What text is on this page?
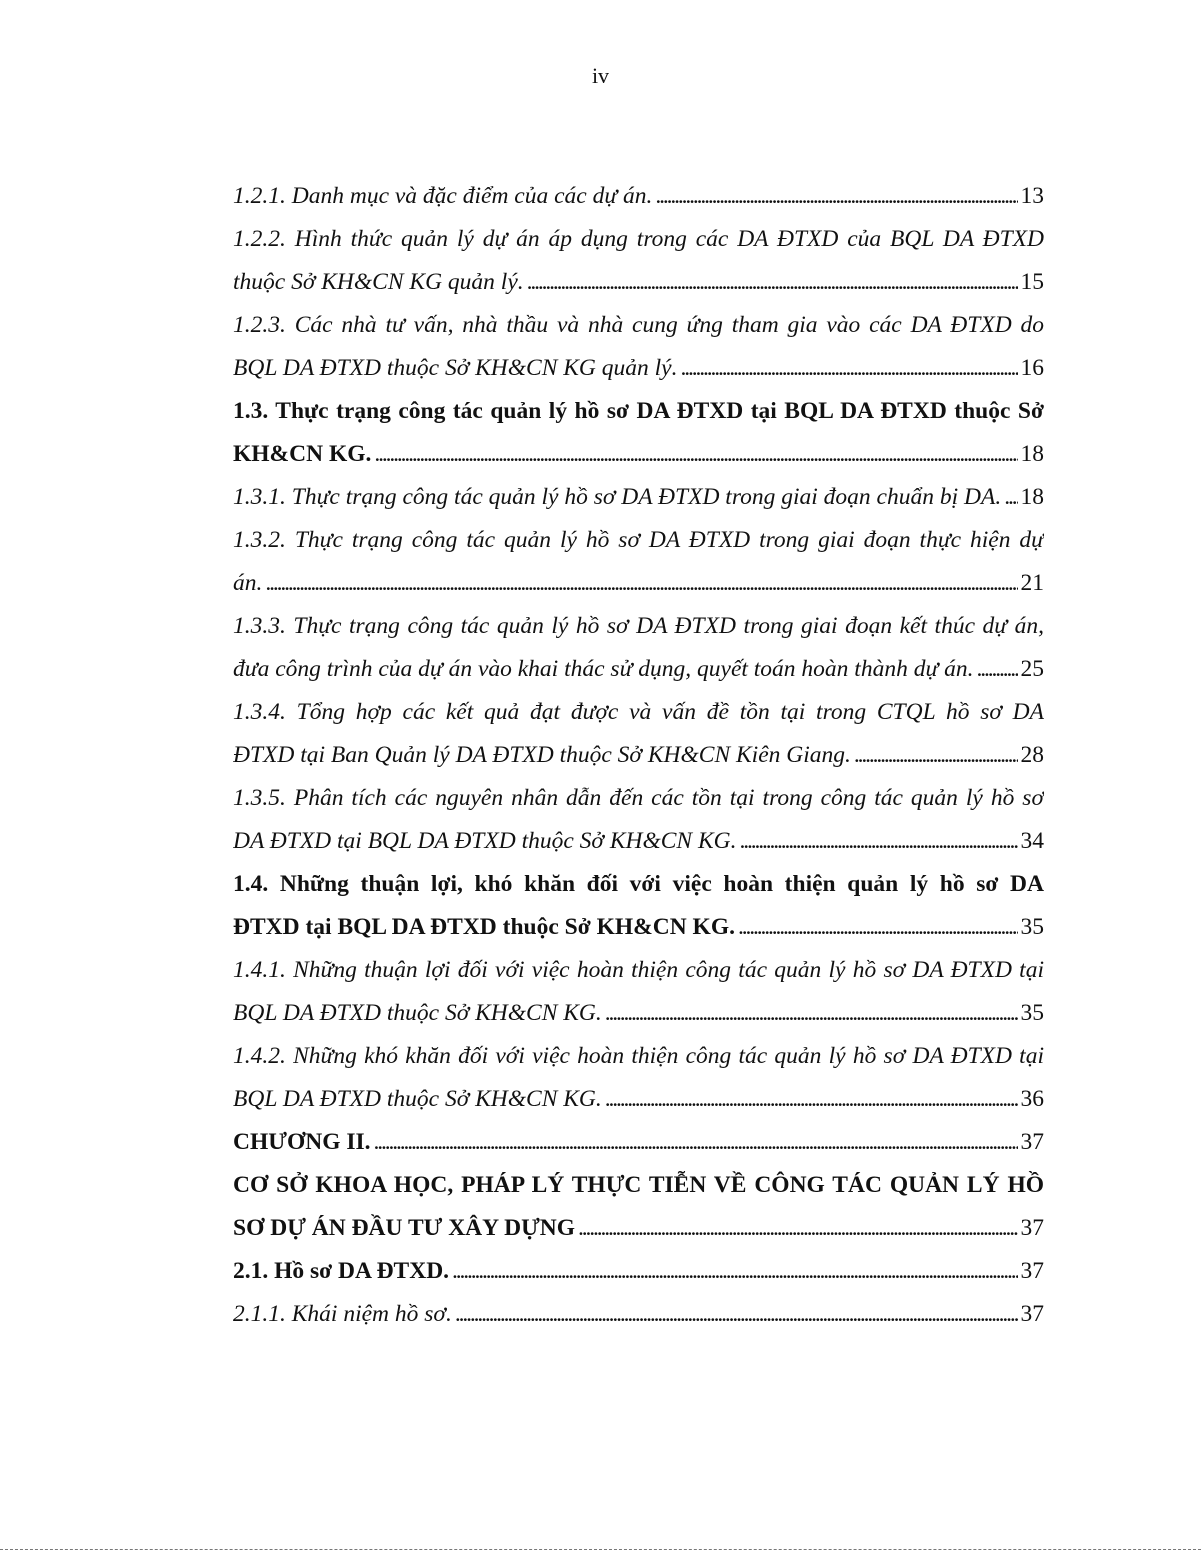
iv
1.2.1. Danh mục và đặc điểm của các dự án. . . .	13
1.2.2. Hình thức quản lý dự án áp dụng trong các DA ĐTXD của BQL DA ĐTXD
thuộc Sở KH&CN KG quản lý. . . .	15
1.2.3. Các nhà tư vấn, nhà thầu và nhà cung ứng tham gia vào các DA ĐTXD do
BQL DA ĐTXD thuộc Sở KH&CN KG quản lý. . . .	16
1.3. Thực trạng công tác quản lý hồ sơ DA ĐTXD tại BQL DA ĐTXD thuộc Sở
KH&CN KG. . . .	18
1.3.1. Thực trạng công tác quản lý hồ sơ DA ĐTXD trong giai đoạn chuẩn bị DA. . . . 18
1.3.2. Thực trạng công tác quản lý hồ sơ DA ĐTXD trong giai đoạn thực hiện dự
án. . . .	21
1.3.3. Thực trạng công tác quản lý hồ sơ DA ĐTXD trong giai đoạn kết thúc dự án,
đưa công trình của dự án vào khai thác sử dụng, quyết toán hoàn thành dự án. . . . 25
1.3.4. Tổng hợp các kết quả đạt được và vấn đề tồn tại trong CTQL hồ sơ DA
ĐTXD tại Ban Quản lý DA ĐTXD thuộc Sở KH&CN Kiên Giang. . . .	28
1.3.5. Phân tích các nguyên nhân dẫn đến các tồn tại trong công tác quản lý hồ sơ
DA ĐTXD tại BQL DA ĐTXD thuộc Sở KH&CN KG. . . .	34
1.4. Những thuận lợi, khó khăn đối với việc hoàn thiện quản lý hồ sơ DA
ĐTXD tại BQL DA ĐTXD thuộc Sở KH&CN KG. . . .	35
1.4.1. Những thuận lợi đối với việc hoàn thiện công tác quản lý hồ sơ DA ĐTXD tại
BQL DA ĐTXD thuộc Sở KH&CN KG. . . .	35
1.4.2. Những khó khăn đối với việc hoàn thiện công tác quản lý hồ sơ DA ĐTXD tại
BQL DA ĐTXD thuộc Sở KH&CN KG. . . .	36
CHƯƠNG II. . . .	37
CƠ SỞ KHOA HỌC, PHÁP LÝ THỰC TIỄN VỀ CÔNG TÁC QUẢN LÝ HỒ
SƠ DỰ ÁN ĐẦU TƯ XÂY DỰNG . . .	37
2.1. Hồ sơ DA ĐTXD. . . .	37
2.1.1. Khái niệm hồ sơ. . . .	37
